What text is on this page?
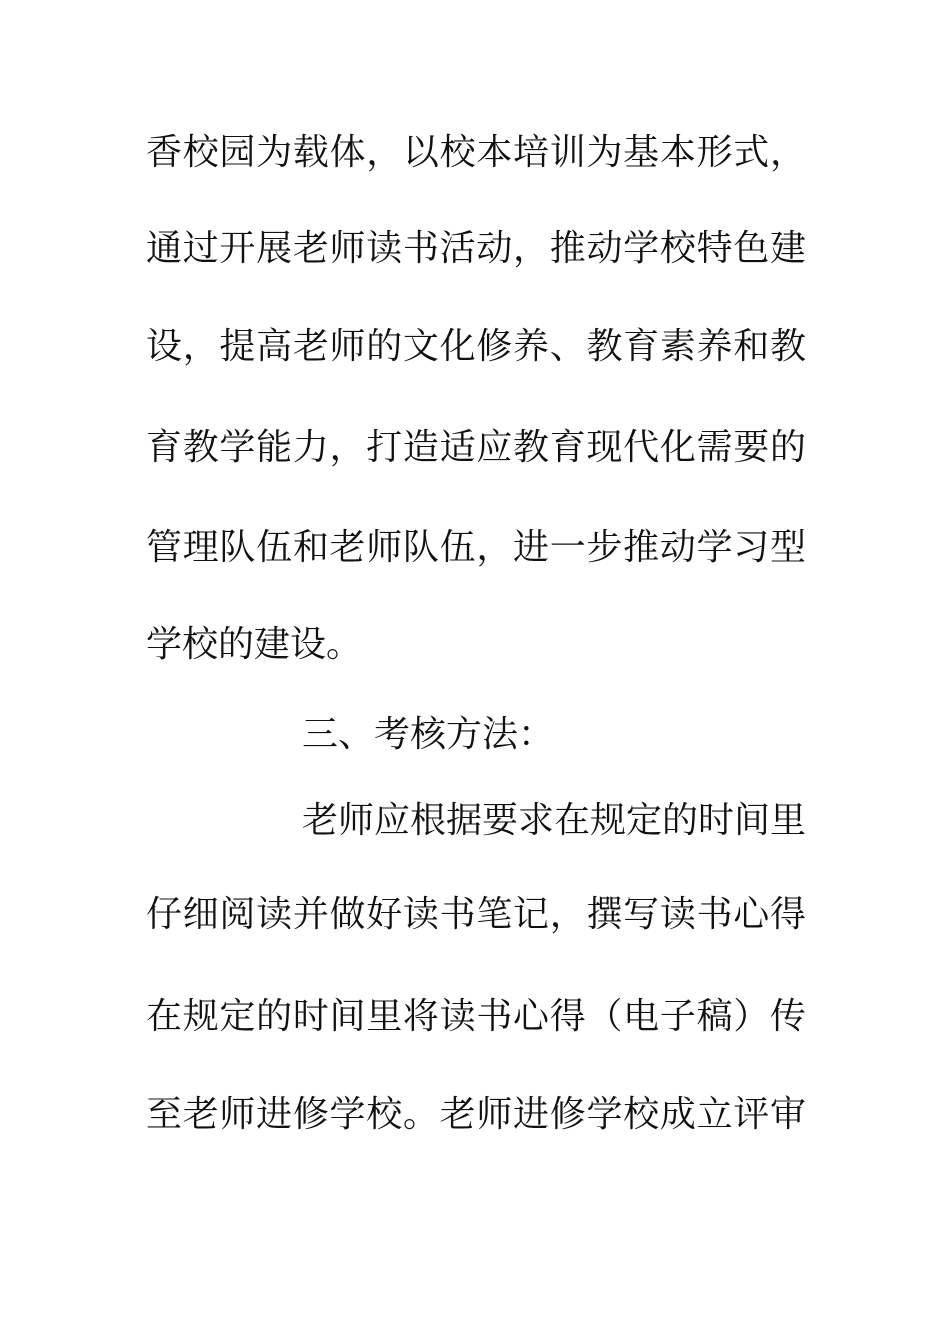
香校园为载体，以校本培训为基本形式，
通过开展老师读书活动，推动学校特色建
设，提高老师的文化修养、教育素养和教
育教学能力，打造适应教育现代化需要的
管理队伍和老师队伍，进一步推动学习型
学校的建设。
三、考核方法：
老师应根据要求在规定的时间里
仔细阅读并做好读书笔记，撰写读书心得
在规定的时间里将读书心得（电子稿）传
至老师进修学校。老师进修学校成立评审
